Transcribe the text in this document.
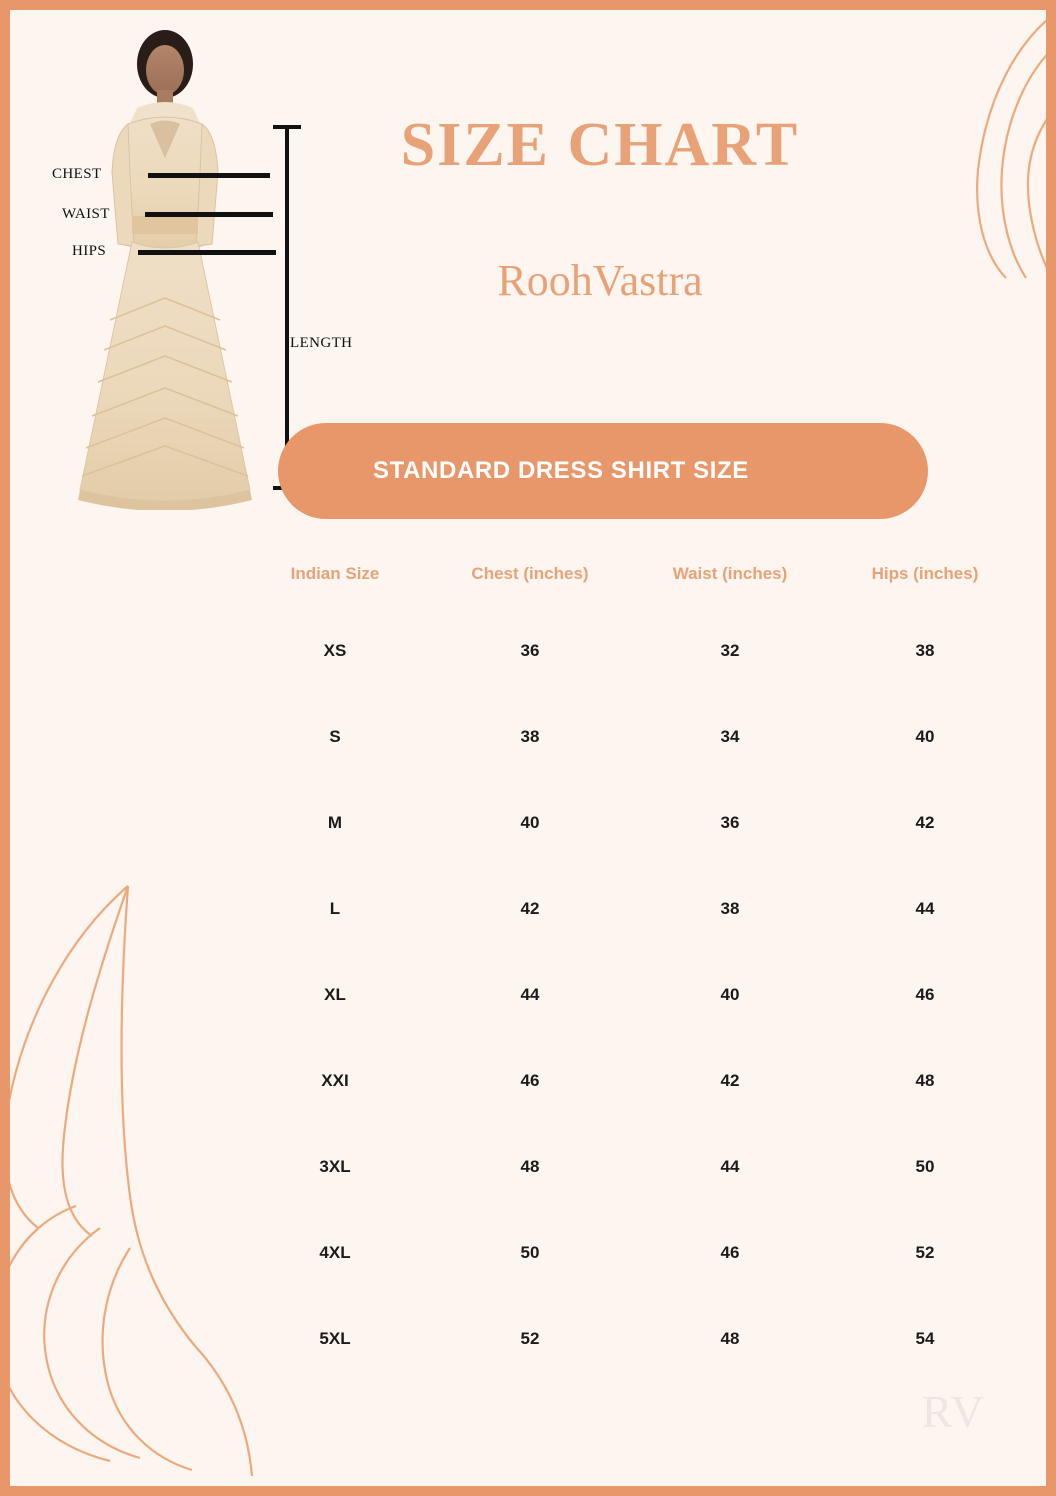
CHEST
WAIST
HIPS
LENGTH
SIZE CHART
RoohVastra
STANDARD DRESS SHIRT SIZE
Indian Size	Chest (inches)	Waist (inches)	Hips (inches)
XS	36	32	38
S	38	34	40
M	40	36	42
L	42	38	44
XL	44	40	46
XXI	46	42	48
3XL	48	44	50
4XL	50	46	52
5XL	52	48	54
RV
